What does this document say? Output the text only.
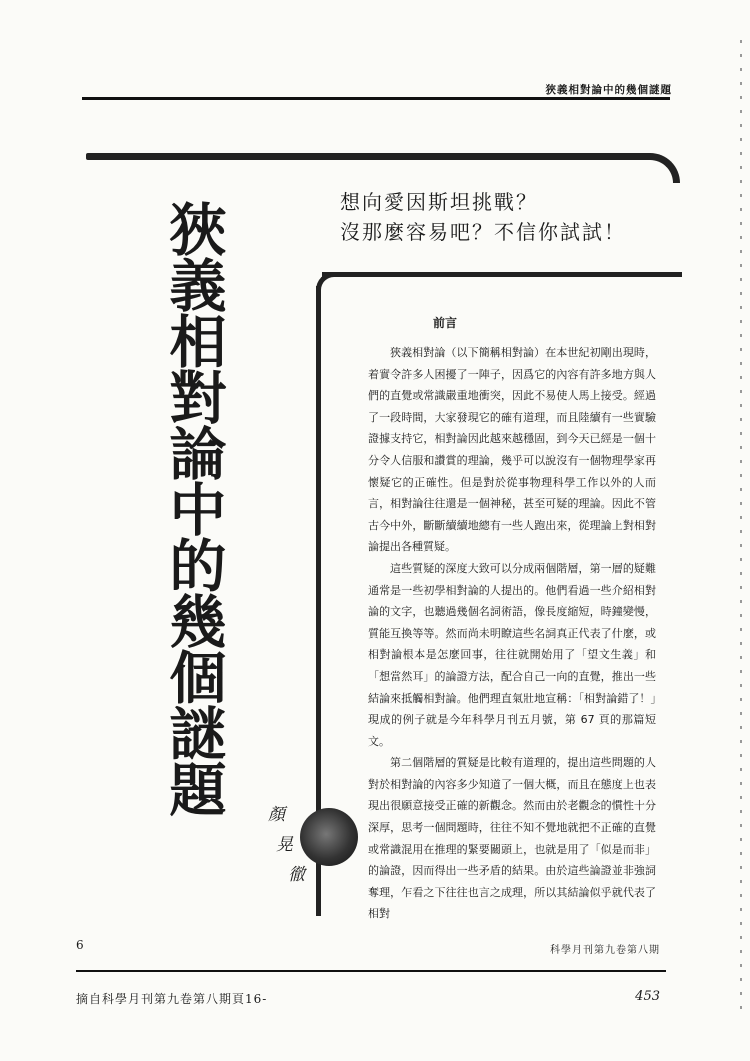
狹義相對論中的幾個謎題
想向愛因斯坦挑戰？
沒那麼容易吧？不信你試試！
狹義相對論中的幾個謎題	前言

狹義相對論（以下簡稱相對論）在本世紀初剛出現時，着實令許多人困擾了一陣子，因爲它的內容有許多地方與人們的直覺或常識嚴重地衝突，因此不易使人馬上接受。經過了一段時間，大家發現它的確有道理，而且陸續有一些實驗證據支持它，相對論因此越來越穩固，到今天已經是一個十分令人信服和讚賞的理論，幾乎可以說沒有一個物理學家再懷疑它的正確性。但是對於從事物理科學工作以外的人而言，相對論往往還是一個神秘，甚至可疑的理論。因此不管古今中外，斷斷續續地總有一些人跑出來，從理論上對相對論提出各種質疑。

這些質疑的深度大致可以分成兩個階層，第一層的疑難通常是一些初學相對論的人提出的。他們看過一些介紹相對論的文字，也聽過幾個名詞術語，像長度縮短，時鐘變慢，質能互換等等。然而尚未明瞭這些名詞真正代表了什麼，或相對論根本是怎麼回事，往往就開始用了「望文生義」和「想當然耳」的論證方法，配合自己一向的直覺，推出一些結論來抵觸相對論。他們理直氣壯地宣稱：「相對論錯了！」現成的例子就是今年科學月刊五月號，第 67 頁的那篇短文。

第二個階層的質疑是比較有道理的，提出這些問題的人對於相對論的內容多少知道了一個大概，而且在態度上也表現出很願意接受正確的新觀念。然而由於老觀念的慣性十分深厚，思考一個問題時，往往不知不覺地就把不正確的直覺或常識混用在推理的緊要關頭上，也就是用了「似是而非」的論證，因而得出一些矛盾的結果。由於這些論證並非強詞奪理，乍看之下往往也言之成理，所以其結論似乎就代表了相對

顏
晃
徹
6	科學月刊第九卷第八期
摘自科學月刊第九卷第八期頁16-	453
